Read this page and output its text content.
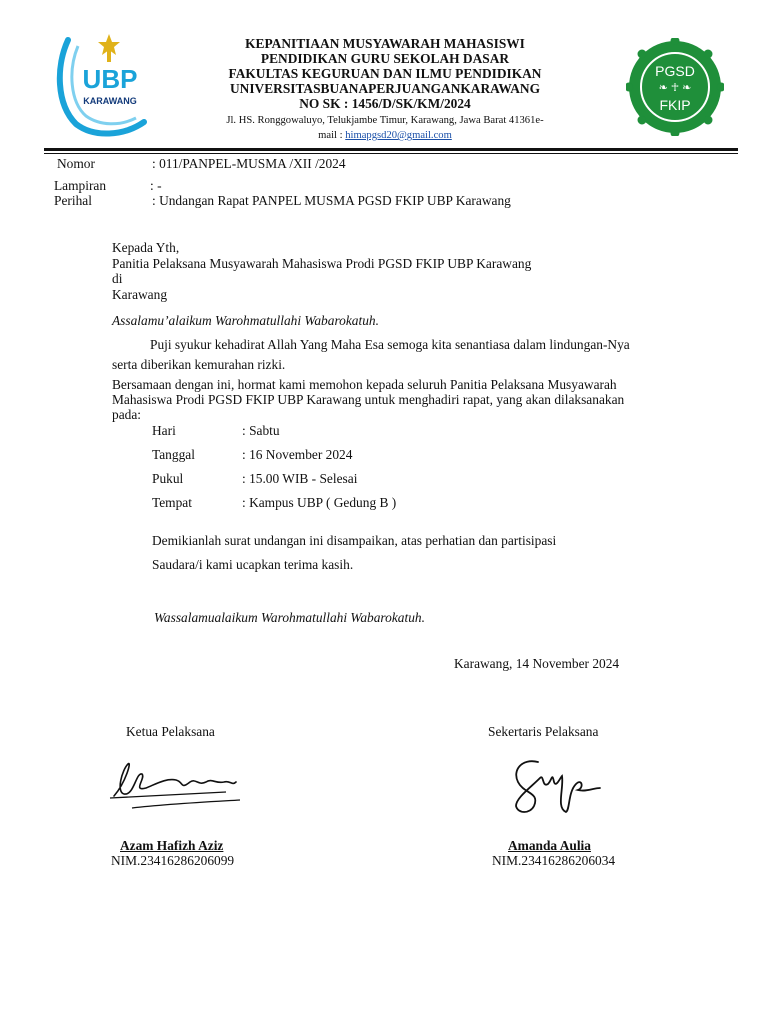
UBP
KARAWANG
KEPANITIAAN MUSYAWARAH MAHASISWI
PENDIDIKAN GURU SEKOLAH DASAR
FAKULTAS KEGURUAN DAN ILMU PENDIDIKAN
UNIVERSITASBUANAPERJUANGANKARAWANG
NO SK : 1456/D/SK/KM/2024
Jl. HS. Ronggowaluyo, Telukjambe Timur, Karawang, Jawa Barat 41361e-
mail : himapgsd20@gmail.com
PGSD
❧ ☥ ❧
FKIP
Nomor	: 011/PANPEL-MUSMA /XII /2024
Lampiran	: -
Perihal	: Undangan Rapat PANPEL MUSMA PGSD FKIP UBP Karawang
Kepada Yth,
Panitia Pelaksana Musyawarah Mahasiswa Prodi PGSD FKIP UBP Karawang
di
Karawang
Assalamu’alaikum Warohmatullahi Wabarokatuh.
Puji syukur kehadirat Allah Yang Maha Esa semoga kita senantiasa dalam lindungan-Nya
serta diberikan kemurahan rizki.
Bersamaan dengan ini, hormat kami memohon kepada seluruh Panitia Pelaksana Musyawarah
Mahasiswa Prodi PGSD FKIP UBP Karawang untuk menghadiri rapat, yang akan dilaksanakan
pada:
Hari	: Sabtu
Tanggal	: 16 November 2024
Pukul	: 15.00 WIB - Selesai
Tempat	: Kampus UBP ( Gedung B )
Demikianlah surat undangan ini disampaikan, atas perhatian dan partisipasi
Saudara/i kami ucapkan terima kasih.
Wassalamualaikum Warohmatullahi Wabarokatuh.
Karawang, 14 November 2024
Ketua Pelaksana	Sekertaris Pelaksana
Azam Hafizh Aziz
NIM.23416286206099
Amanda Aulia
NIM.23416286206034
